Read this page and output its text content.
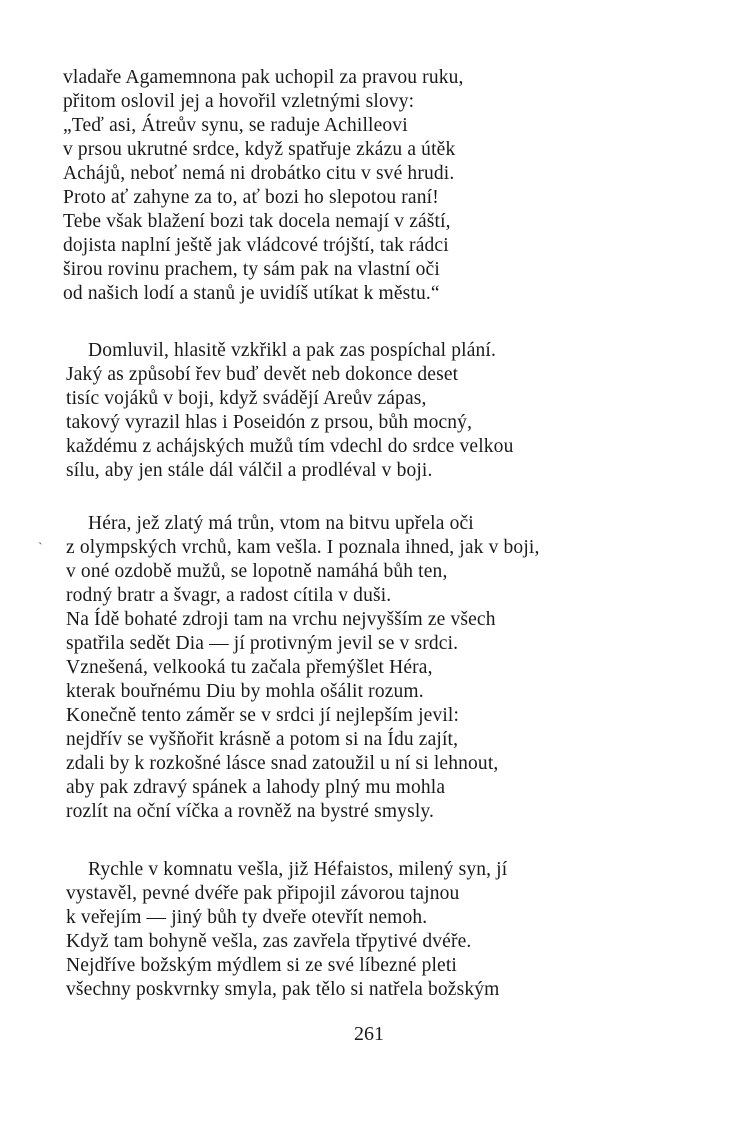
vladaře Agamemnona pak uchopil za pravou ruku,
přitom oslovil jej a hovořil vzletnými slovy:
„Teď asi, Átreův synu, se raduje Achilleovi
v prsou ukrutné srdce, když spatřuje zkázu a útěk
Achájů, neboť nemá ni drobátko citu v své hrudi.
Proto ať zahyne za to, ať bozi ho slepotou raní!
Tebe však blažení bozi tak docela nemají v záští,
dojista naplní ještě jak vládcové trójští, tak rádci
širou rovinu prachem, ty sám pak na vlastní oči
od našich lodí a stanů je uvidíš utíkat k městu.“
Domluvil, hlasitě vzkřikl a pak zas pospíchal plání.
Jaký as způsobí řev buď devět neb dokonce deset
tisíc vojáků v boji, když svádějí Areův zápas,
takový vyrazil hlas i Poseidón z prsou, bůh mocný,
každému z achájských mužů tím vdechl do srdce velkou
sílu, aby jen stále dál válčil a prodléval v boji.
`
Héra, jež zlatý má trůn, vtom na bitvu upřela oči
z olympských vrchů, kam vešla. I poznala ihned, jak v boji,
v oné ozdobě mužů, se lopotně namáhá bůh ten,
rodný bratr a švagr, a radost cítila v duši.
Na Ídě bohaté zdroji tam na vrchu nejvyšším ze všech
spatřila sedět Dia — jí protivným jevil se v srdci.
Vznešená, velkooká tu začala přemýšlet Héra,
kterak bouřnému Diu by mohla ošálit rozum.
Konečně tento záměr se v srdci jí nejlepším jevil:
nejdřív se vyšňořit krásně a potom si na Ídu zajít,
zdali by k rozkošné lásce snad zatoužil u ní si lehnout,
aby pak zdravý spánek a lahody plný mu mohla
rozlít na oční víčka a rovněž na bystré smysly.
Rychle v komnatu vešla, již Héfaistos, milený syn, jí
vystavěl, pevné dvéře pak připojil závorou tajnou
k veřejím — jiný bůh ty dveře otevřít nemoh.
Když tam bohyně vešla, zas zavřela třpytivé dvéře.
Nejdříve božským mýdlem si ze své líbezné pleti
všechny poskvrnky smyla, pak tělo si natřela božským
261
